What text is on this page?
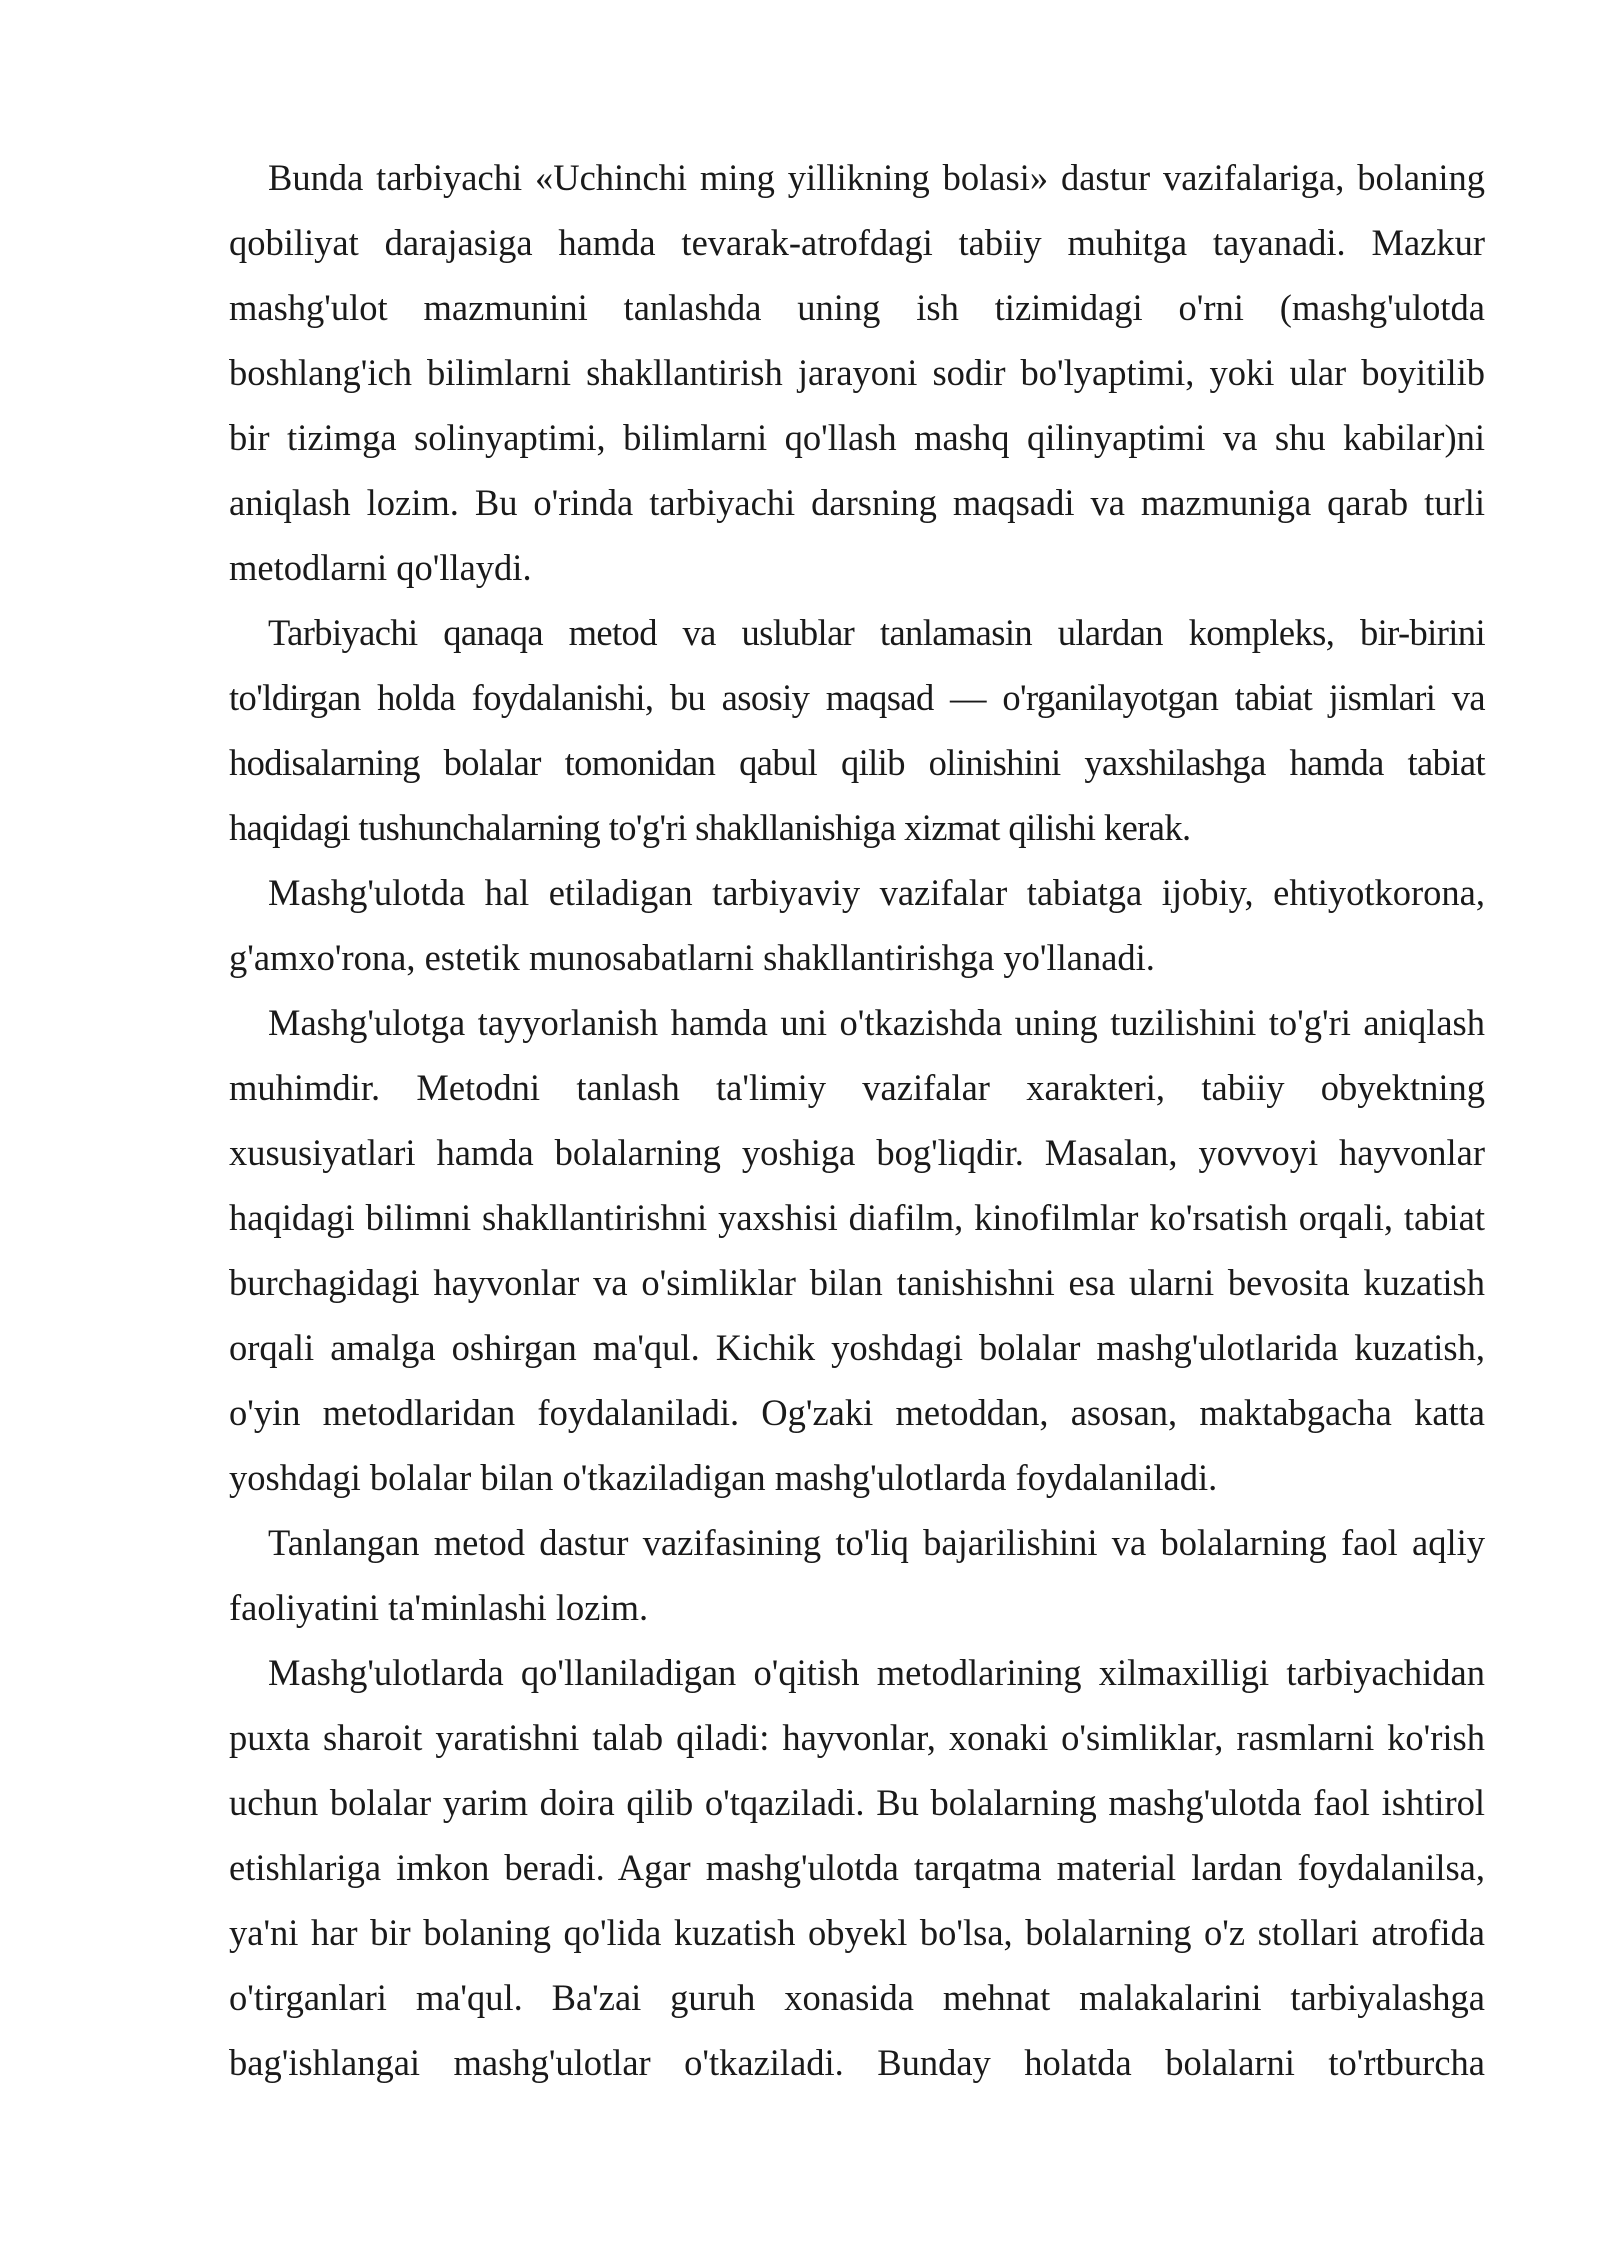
Bunda tarbiyachi «Uchinchi ming yillikning bolasi» dastur vazifalariga, bolaning qobiliyat darajasiga hamda tevarak-atrofdagi tabiiy muhitga tayanadi. Mazkur mashg'ulot mazmunini tanlashda uning ish tizimidagi o'rni (mashg'ulotda boshlang'ich bilimlarni shakllantirish jarayoni sodir bo'lyaptimi, yoki ular boyitilib bir tizimga solinyaptimi, bilimlarni qo'llash mashq qilinyaptimi va shu kabilar)ni aniqlash lozim. Bu o'rinda tarbiyachi darsning maqsadi va mazmuniga qarab turli metodlarni qo'llaydi.

Tarbiyachi qanaqa metod va uslublar tanlamasin ulardan kompleks, bir-birini to'ldirgan holda foydalanishi, bu asosiy maqsad — o'rganilayotgan tabiat jismlari va hodisalarning bolalar tomonidan qabul qilib olinishini yaxshilashga hamda tabiat haqidagi tushunchalarning to'g'ri shakllanishiga xizmat qilishi kerak.

Mashg'ulotda hal etiladigan tarbiyaviy vazifalar tabiatga ijobiy, ehtiyotkorona, g'amxo'rona, estetik munosabatlarni shakllantirishga yo'llanadi.

Mashg'ulotga tayyorlanish hamda uni o'tkazishda uning tuzilishini to'g'ri aniqlash muhimdir. Metodni tanlash ta'limiy vazifalar xarakteri, tabiiy obyektning xususiyatlari hamda bolalarning yoshiga bog'liqdir. Masalan, yovvoyi hayvonlar haqidagi bilimni shakllantirishni yaxshisi diafilm, kinofilmlar ko'rsatish orqali, tabiat burchagidagi hayvonlar va o'simliklar bilan tanishishni esa ularni bevosita kuzatish orqali amalga oshirgan ma'qul. Kichik yoshdagi bolalar mashg'ulotlarida kuzatish, o'yin metodlaridan foydalaniladi. Og'zaki metoddan, asosan, maktabgacha katta yoshdagi bolalar bilan o'tkaziladigan mashg'ulotlarda foydalaniladi.

Tanlangan metod dastur vazifasining to'liq bajarilishini va bolalarning faol aqliy faoliyatini ta'minlashi lozim.

Mashg'ulotlarda qo'llaniladigan o'qitish metodlarining xilmaxilligi tarbiyachidan puxta sharoit yaratishni talab qiladi: hayvonlar, xonaki o'simliklar, rasmlarni ko'rish uchun bolalar yarim doira qilib o'tqaziladi. Bu bolalarning mashg'ulotda faol ishtirol etishlariga imkon beradi. Agar mashg'ulotda tarqatma material lardan foydalanilsa, ya'ni har bir bolaning qo'lida kuzatish obyekl bo'lsa, bolalarning o'z stollari atrofida o'tirganlari ma'qul. Ba'zai guruh xonasida mehnat malakalarini tarbiyalashga bag'ishlangai mashg'ulotlar o'tkaziladi. Bunday holatda bolalarni to'rtburcha
